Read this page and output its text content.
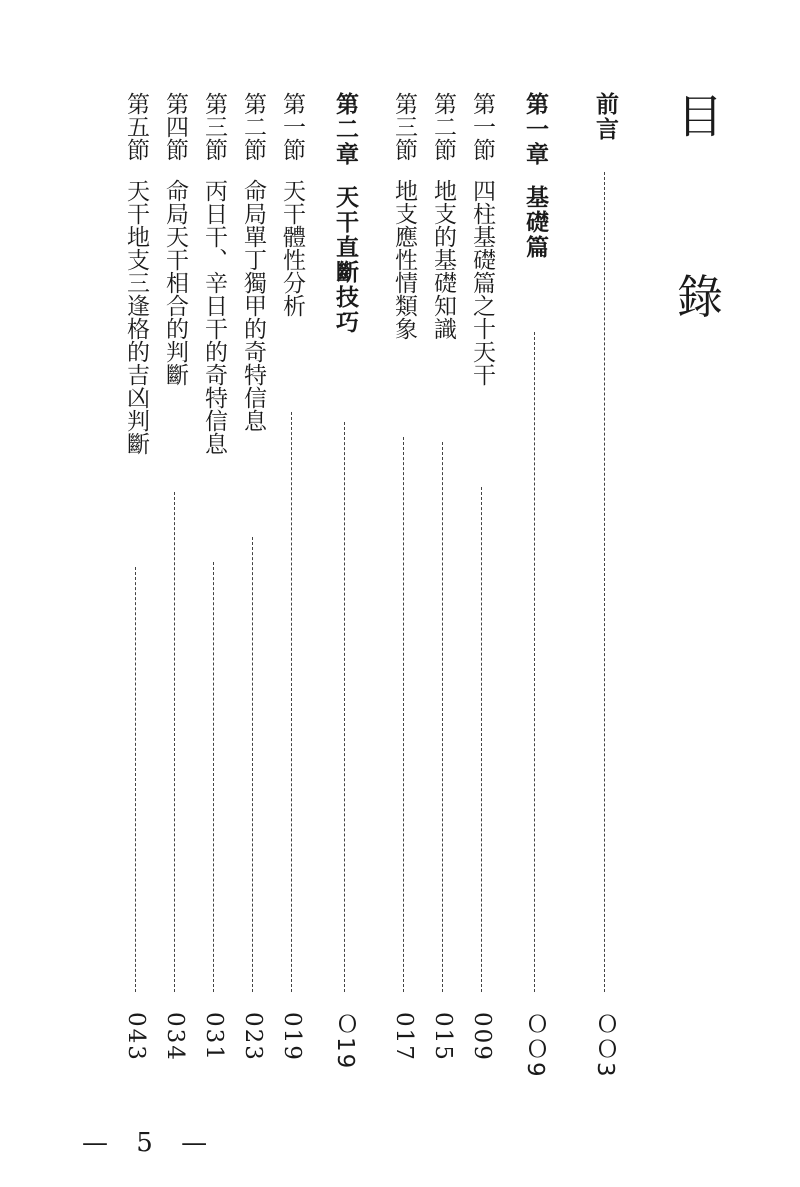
目 錄
前言
ＯＯ3
第一章基礎篇
ＯＯ9
第一節四柱基礎篇之十天干
009
第二節地支的基礎知識
015
第三節地支應性情類象
017
第二章天干直斷技巧
Ｏ19
第一節天干體性分析
019
第二節命局單丁獨甲的奇特信息
023
第三節丙日干、辛日干的奇特信息
031
第四節命局天干相合的判斷
034
第五節天干地支三逢格的吉凶判斷
043
— 5 —
